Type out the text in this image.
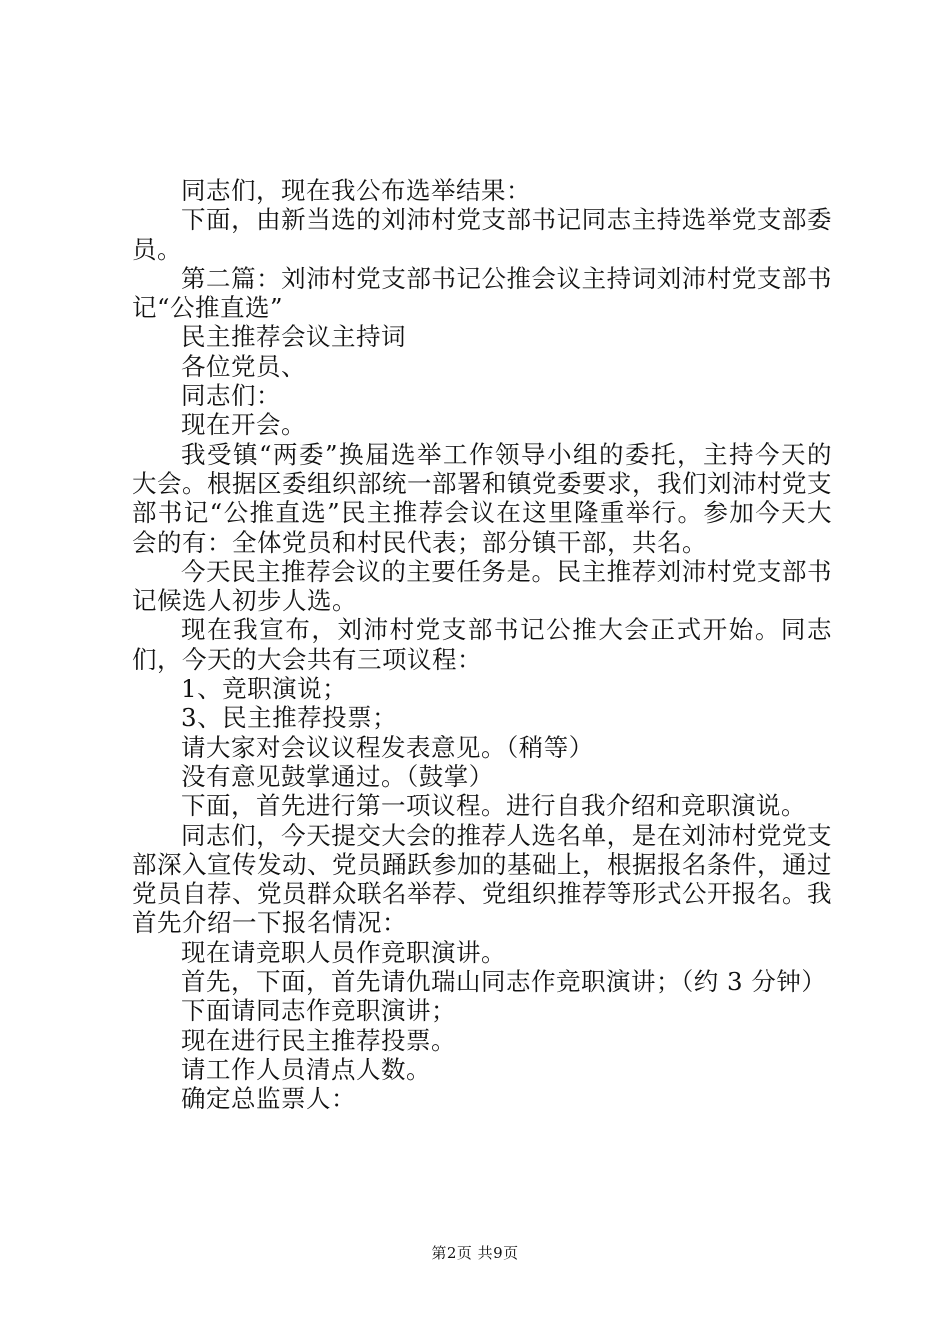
同志们，现在我公布选举结果：

下面，由新当选的刘沛村党支部书记同志主持选举党支部委员。

第二篇：刘沛村党支部书记公推会议主持词刘沛村党支部书记“公推直选”

民主推荐会议主持词

各位党员、

同志们：

现在开会。

我受镇“两委”换届选举工作领导小组的委托，主持今天的大会。根据区委组织部统一部署和镇党委要求，我们刘沛村党支部书记“公推直选”民主推荐会议在这里隆重举行。参加今天大会的有：全体党员和村民代表；部分镇干部，共名。

今天民主推荐会议的主要任务是。民主推荐刘沛村党支部书记候选人初步人选。

现在我宣布，刘沛村党支部书记公推大会正式开始。同志们，今天的大会共有三项议程：

1、竞职演说；

3、民主推荐投票；

请大家对会议议程发表意见。（稍等）

没有意见鼓掌通过。（鼓掌）

下面，首先进行第一项议程。进行自我介绍和竞职演说。

同志们，今天提交大会的推荐人选名单，是在刘沛村党党支部深入宣传发动、党员踊跃参加的基础上，根据报名条件，通过党员自荐、党员群众联名举荐、党组织推荐等形式公开报名。我首先介绍一下报名情况：

现在请竞职人员作竞职演讲。

首先，下面，首先请仇瑞山同志作竞职演讲；（约 3 分钟）

下面请同志作竞职演讲；

现在进行民主推荐投票。

请工作人员清点人数。

确定总监票人：

第2页 共9页
